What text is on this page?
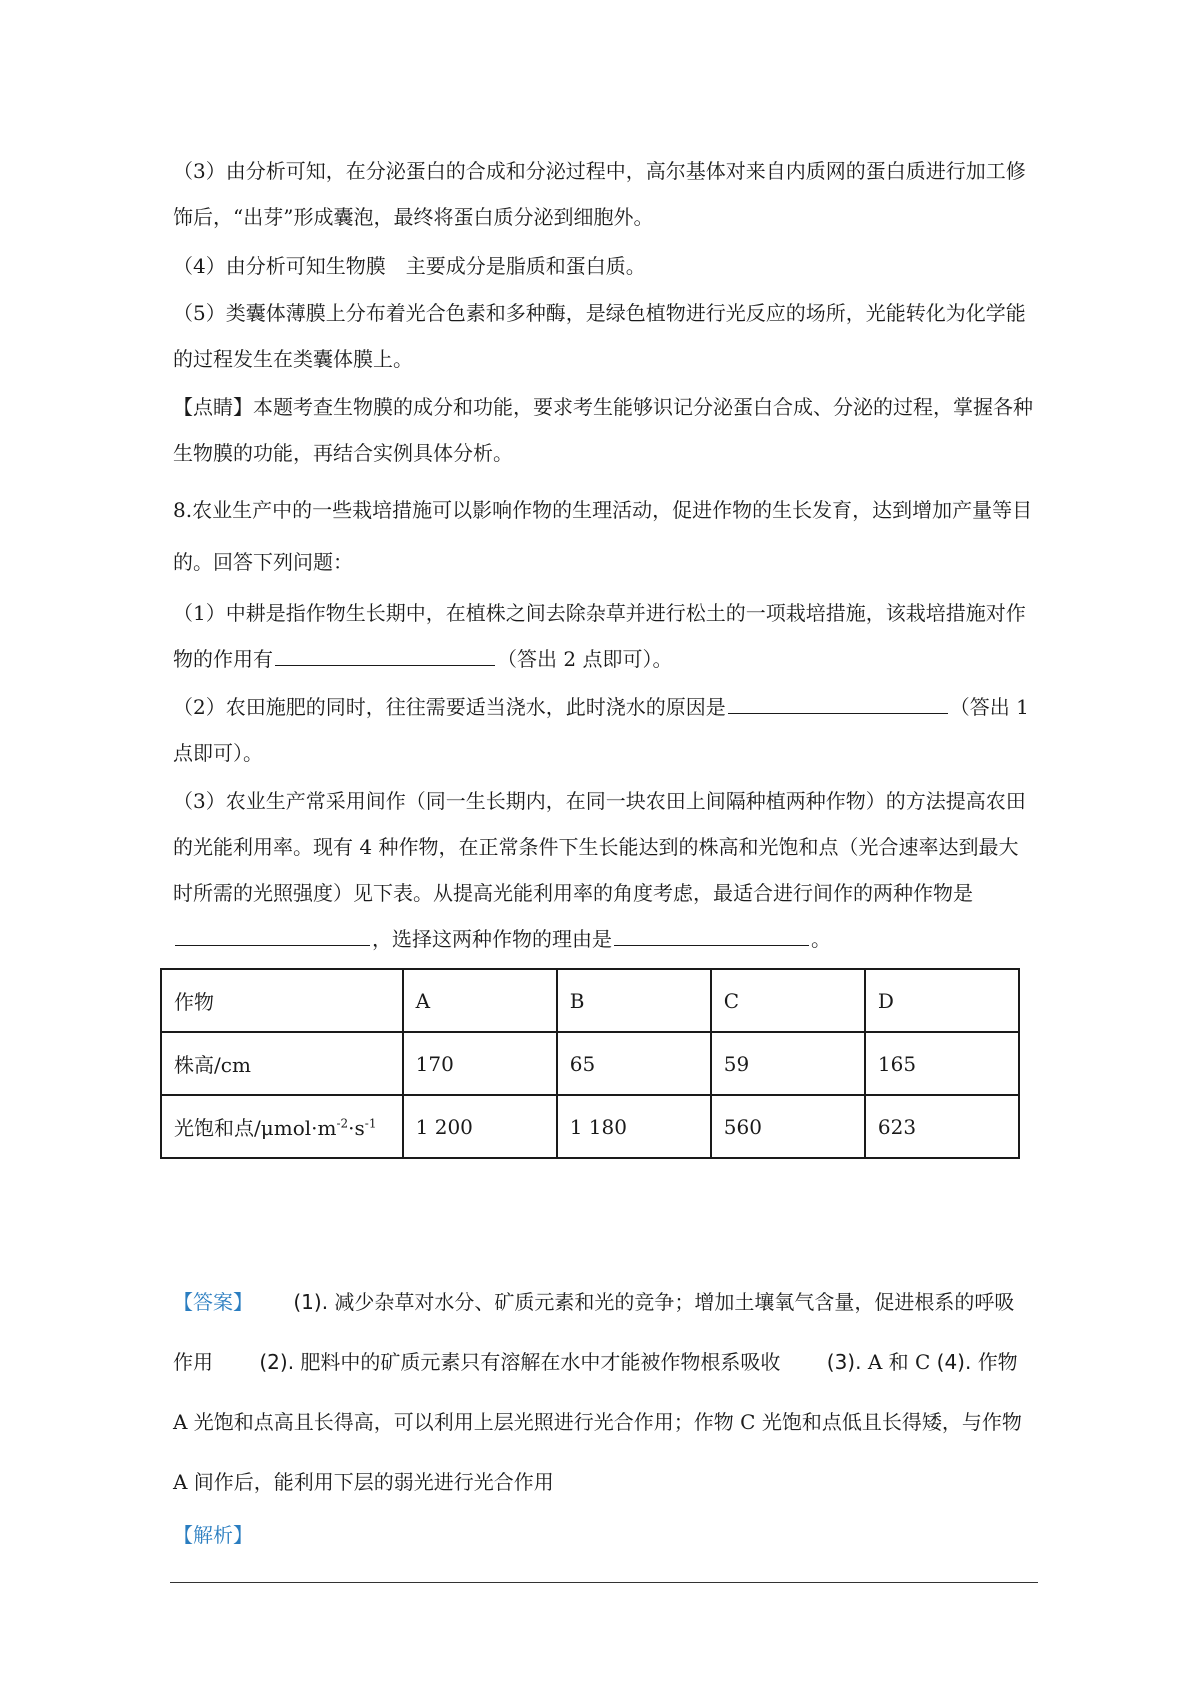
（3）由分析可知，在分泌蛋白的合成和分泌过程中，高尔基体对来自内质网的蛋白质进行加工修饰后，“出芽”形成囊泡，最终将蛋白质分泌到细胞外。

（4）由分析可知生物膜　主要成分是脂质和蛋白质。

（5）类囊体薄膜上分布着光合色素和多种酶，是绿色植物进行光反应的场所，光能转化为化学能的过程发生在类囊体膜上。

【点睛】本题考查生物膜的成分和功能，要求考生能够识记分泌蛋白合成、分泌的过程，掌握各种生物膜的功能，再结合实例具体分析。

8.农业生产中的一些栽培措施可以影响作物的生理活动，促进作物的生长发育，达到增加产量等目的。回答下列问题：

（1）中耕是指作物生长期中，在植株之间去除杂草并进行松土的一项栽培措施，该栽培措施对作物的作用有	（答出 2 点即可）。

（2）农田施肥的同时，往往需要适当浇水，此时浇水的原因是	（答出 1 点即可）。

（3）农业生产常采用间作（同一生长期内，在同一块农田上间隔种植两种作物）的方法提高农田的光能利用率。现有 4 种作物，在正常条件下生长能达到的株高和光饱和点（光合速率达到最大时所需的光照强度）见下表。从提高光能利用率的角度考虑，最适合进行间作的两种作物是，选择这两种作物的理由是	。

作物	A	B	C	D
株高/cm	170	65	59	165
光饱和点$/\mu mol\cdot m^{-2}\cdot s^{-1}$	1 200	1 180	560	623

【答案】 (1). 减少杂草对水分、矿质元素和光的竞争；增加土壤氧气含量，促进根系的呼吸作用 (2). 肥料中的矿质元素只有溶解在水中才能被作物根系吸收 (3). A 和 C (4). 作物 A 光饱和点高且长得高，可以利用上层光照进行光合作用；作物 C 光饱和点低且长得矮，与作物 A 间作后，能利用下层的弱光进行光合作用

【解析】
